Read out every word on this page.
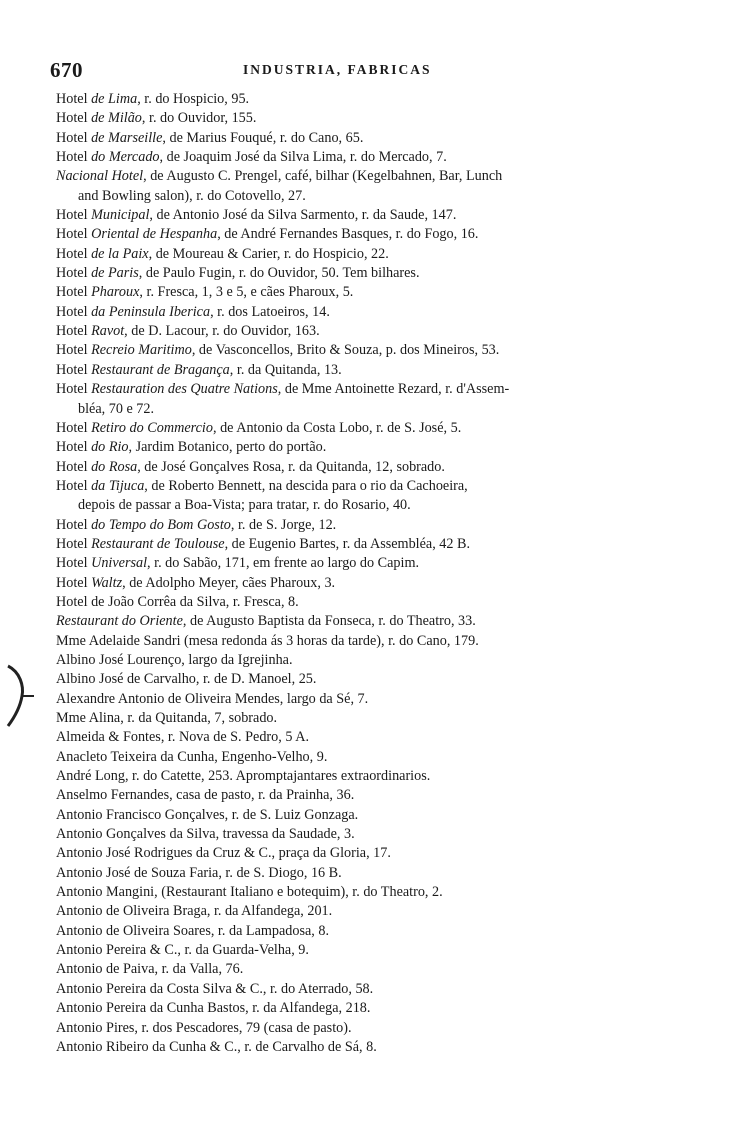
670	INDUSTRIA, FABRICAS
Hotel de Lima, r. do Hospicio, 95.
Hotel de Milão, r. do Ouvidor, 155.
Hotel de Marseille, de Marius Fouqué, r. do Cano, 65.
Hotel do Mercado, de Joaquim José da Silva Lima, r. do Mercado, 7.
Nacional Hotel, de Augusto C. Prengel, café, bilhar (Kegelbahnen, Bar, Lunch
and Bowling salon), r. do Cotovello, 27.
Hotel Municipal, de Antonio José da Silva Sarmento, r. da Saude, 147.
Hotel Oriental de Hespanha, de André Fernandes Basques, r. do Fogo, 16.
Hotel de la Paix, de Moureau & Carier, r. do Hospicio, 22.
Hotel de Paris, de Paulo Fugin, r. do Ouvidor, 50. Tem bilhares.
Hotel Pharoux, r. Fresca, 1, 3 e 5, e cães Pharoux, 5.
Hotel da Peninsula Iberica, r. dos Latoeiros, 14.
Hotel Ravot, de D. Lacour, r. do Ouvidor, 163.
Hotel Recreio Maritimo, de Vasconcellos, Brito & Souza, p. dos Mineiros, 53.
Hotel Restaurant de Bragança, r. da Quitanda, 13.
Hotel Restauration des Quatre Nations, de Mme Antoinette Rezard, r. d'Assem-
bléa, 70 e 72.
Hotel Retiro do Commercio, de Antonio da Costa Lobo, r. de S. José, 5.
Hotel do Rio, Jardim Botanico, perto do portão.
Hotel do Rosa, de José Gonçalves Rosa, r. da Quitanda, 12, sobrado.
Hotel da Tijuca, de Roberto Bennett, na descida para o rio da Cachoeira,
depois de passar a Boa-Vista; para tratar, r. do Rosario, 40.
Hotel do Tempo do Bom Gosto, r. de S. Jorge, 12.
Hotel Restaurant de Toulouse, de Eugenio Bartes, r. da Assembléa, 42 B.
Hotel Universal, r. do Sabão, 171, em frente ao largo do Capim.
Hotel Waltz, de Adolpho Meyer, cães Pharoux, 3.
Hotel de João Corrêa da Silva, r. Fresca, 8.
Restaurant do Oriente, de Augusto Baptista da Fonseca, r. do Theatro, 33.
Mme Adelaide Sandri (mesa redonda ás 3 horas da tarde), r. do Cano, 179.
Albino José Lourenço, largo da Igrejinha.
Albino José de Carvalho, r. de D. Manoel, 25.
Alexandre Antonio de Oliveira Mendes, largo da Sé, 7.
Mme Alina, r. da Quitanda, 7, sobrado.
Almeida & Fontes, r. Nova de S. Pedro, 5 A.
Anacleto Teixeira da Cunha, Engenho-Velho, 9.
André Long, r. do Catette, 253. Apromptajantares extraordinarios.
Anselmo Fernandes, casa de pasto, r. da Prainha, 36.
Antonio Francisco Gonçalves, r. de S. Luiz Gonzaga.
Antonio Gonçalves da Silva, travessa da Saudade, 3.
Antonio José Rodrigues da Cruz & C., praça da Gloria, 17.
Antonio José de Souza Faria, r. de S. Diogo, 16 B.
Antonio Mangini, (Restaurant Italiano e botequim), r. do Theatro, 2.
Antonio de Oliveira Braga, r. da Alfandega, 201.
Antonio de Oliveira Soares, r. da Lampadosa, 8.
Antonio Pereira & C., r. da Guarda-Velha, 9.
Antonio de Paiva, r. da Valla, 76.
Antonio Pereira da Costa Silva & C., r. do Aterrado, 58.
Antonio Pereira da Cunha Bastos, r. da Alfandega, 218.
Antonio Pires, r. dos Pescadores, 79 (casa de pasto).
Antonio Ribeiro da Cunha & C., r. de Carvalho de Sá, 8.
